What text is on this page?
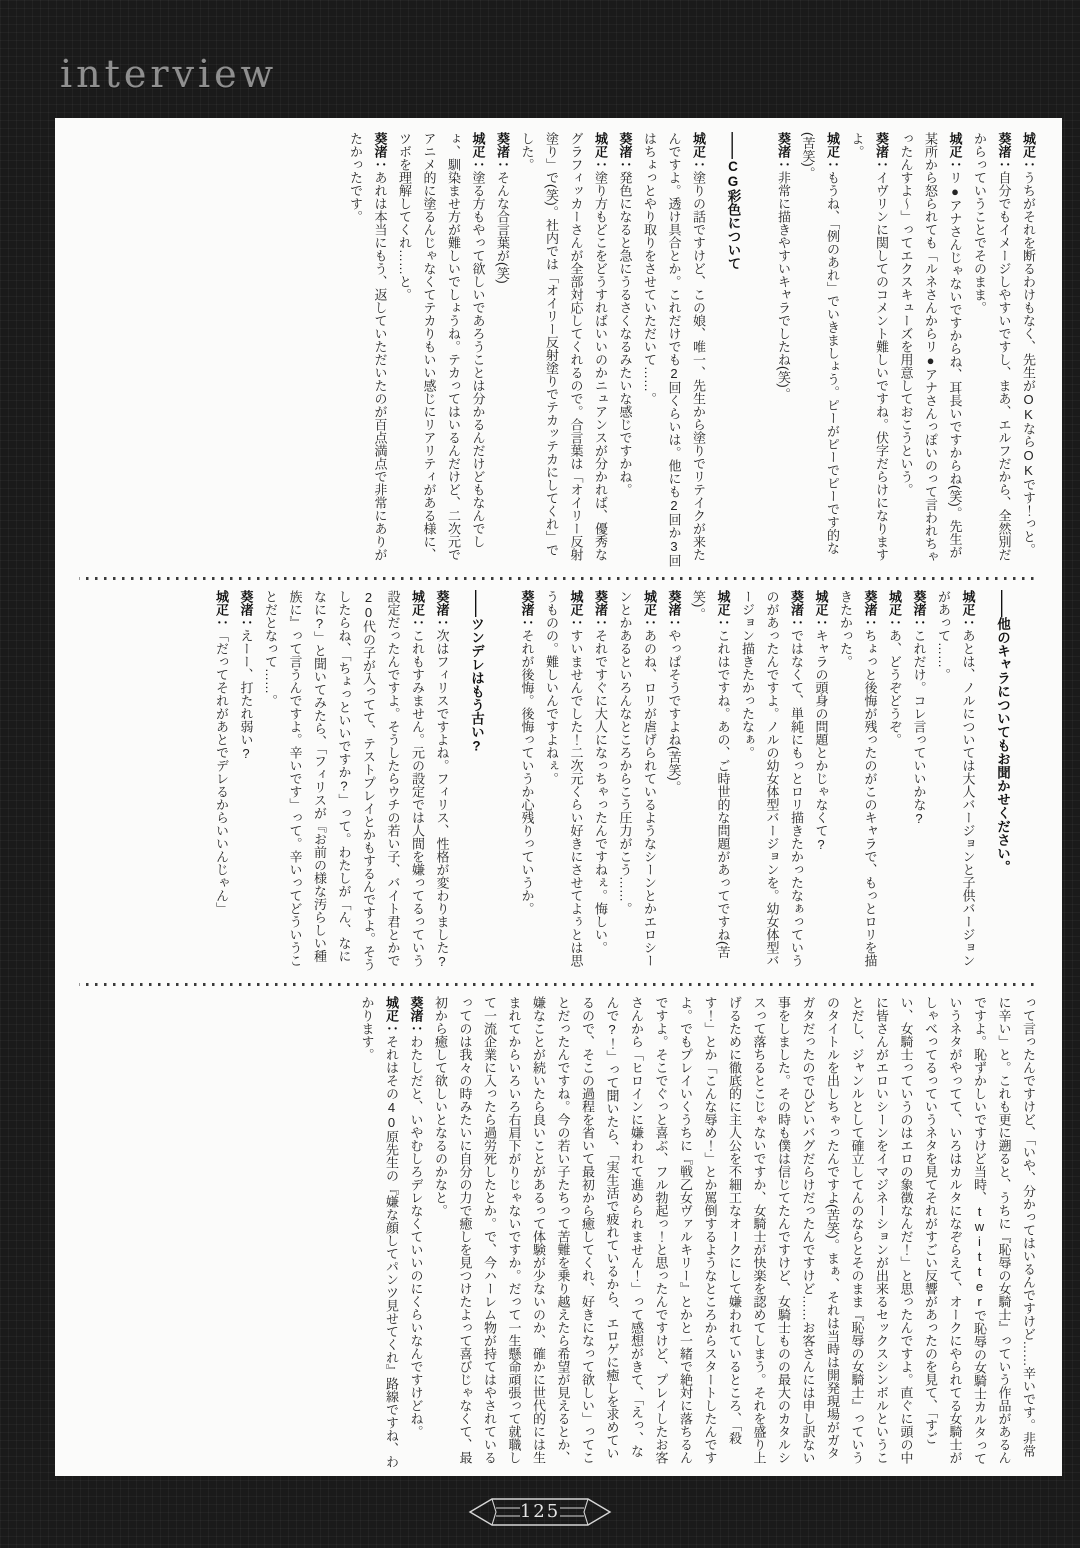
interview

城疋：うちがそれを断るわけもなく、先生がOKならOKです！っと。

葵渚：自分でもイメージしやすいですし、まあ、エルフだから、全然別だからっていうことでそのまま。

城疋：リ●アナさんじゃないですからね、耳長いですからね(笑)。先生が某所から怒られても「ルネさんからリ●アナさんっぽいのって言われちゃったんすよ～」ってエクスキューズを用意しておこうという。

葵渚：イヴリンに関してのコメント難しいですね。伏字だらけになりますよ。

城疋：もうね、「例のあれ」でいきましょう。ピーがピーでピーです的な(苦笑)。

葵渚：非常に描きやすいキャラでしたね(笑)。

——CG彩色について

城疋：塗りの話ですけど、この娘、唯一、先生から塗りでリテイクが来たんですよ。透け具合とか。これだけでも2回くらいは。他にも2回か3回はちょっとやり取りをさせていただいて……。

葵渚：発色になると急にうるさくなるみたいな感じですかね。

城疋：塗り方もどこをどうすればいいのかニュアンスが分かれば、優秀なグラフィッカーさんが全部対応してくれるので。合言葉は「オイリー反射塗り」で(笑)。社内では「オイリー反射塗りでテカッテカにしてくれ」でした。

葵渚：そんな合言葉が(笑)

城疋：塗る方もやって欲しいであろうことは分かるんだけどもなんでしょ、馴染ませ方が難しいでしょうね。テカってはいるんだけど、二次元でアニメ的に塗るんじゃなくてテカりもいい感じにリアリティがある様に、ツボを理解してくれ……と。

葵渚：あれは本当にもう、返していただいたのが百点満点で非常にありがたかったです。

——他のキャラについてもお聞かせください。

城疋：あとは、ノルについては大人バージョンと子供バージョンがあって……。

葵渚：これだけ。コレ言っていいかな?

城疋：あ、どうぞどうぞ。

葵渚：ちょっと後悔が残ったのがこのキャラで、もっとロリを描きたかった。

城疋：キャラの頭身の問題とかじゃなくて?

葵渚：ではなくて、単純にもっとロリ描きたかったなぁっていうのがあったんですよ。ノルの幼女体型バージョンを。幼女体型バージョン描きたかったなぁ。

城疋：これはですね。あの、ご時世的な問題があってですね(苦笑)。

葵渚：やっぱそうですよね(苦笑)。

城疋：あのね、ロリが虐げられているようなシーンとかエロシーンとかあるといろんなところからこう圧力がこう……。

葵渚：それですぐに大人になっちゃったんですねぇ。悔しい。

城疋：すいませんでした！二次元くらい好きにさせてよぅとは思うものの。難しいんですよねぇ。

葵渚：それが後悔。後悔っていうか心残りっていうか。

——ツンデレはもう古い?

葵渚：次はフィリスですよね。フィリス、性格が変わりました?

城疋：これもすみません。元の設定では人間を嫌ってるっていう設定だったんですよ。そうしたらウチの若い子、バイト君とかで20代の子が入ってて、テストプレイとかもするんですよ。そうしたらね、「ちょっといいですか?」って。わたしが「ん、なになに?」と聞いてみたら、「フィリスが『お前の様な汚らしい種族に』って言うんですよ。辛いです」って。辛いってどういうことだとなって……。

葵渚：えーー、打たれ弱い?

城疋：「だってそれがあとでデレるからいいんじゃん」

って言ったんですけど、「いや、分かってはいるんですけど……辛いです。非常に辛い」と。これも更に遡ると、うちに『恥辱の女騎士』っていう作品があるんですよ。恥ずかしいですけど当時、twitterで恥辱の女騎士カルタっていうネタがやってて、いろはカルタになぞらえて、オークにやられてる女騎士がしゃべってるっていうネタを見てそれがすごい反響があったのを見て、「すごい、女騎士っていうのはエロの象徴なんだ！」と思ったんですよ。直ぐに頭の中に皆さんがエロいシーンをイマジネーションが出来るセックスシンボルということだし、ジャンルとして確立してんのならとそのまま『恥辱の女騎士』っていうのタイトルを出しちゃったんですよ(苦笑)。まぁ、それは当時は開発現場がガタガタだったのでひどいバグだらけだったんですけど……お客さんには申し訳ない事をしました。その時も僕は信じてたんですけど、女騎士ものの最大のカタルシスって落ちるとこじゃないですか、女騎士が快楽を認めてしまう。それを盛り上げるために徹底的に主人公を不細工なオークにして嫌われているところ、「殺す！」とか「こんな辱め！」とか罵倒するようなところからスタートしたんですよ。でもプレイいくうちに『戦乙女ヴァルキリー』とかと一緒で絶対に落ちるんですよ。そこでぐっと喜ぶ、フル勃起っ！と思ったんですけど、プレイしたお客さんから「ヒロインに嫌われて進められません！」って感想がきて、「えっ、なんで?！」って聞いたら、「実生活で疲れているから、エロゲに癒しを求めているので、そこの過程を省いて最初から癒してくれ、好きになって欲しい」ってことだったんですね。今の若い子たちって苦難を乗り越えたら希望が見えるとか、嫌なことが続いたら良いことがあるって体験が少ないのか、確かに世代的には生まれてからいろいろ右肩下がりじゃないですか。だって一生懸命頑張って就職して一流企業に入ったら過労死したとか。で、今ハーレム物が持てはやされているってのは我々の時みたいに自分の力で癒しを見つけたよって喜びじゃなくて、最初から癒して欲しいとなるのかなと。

葵渚：わたしだと、いやむしろデレなくていいのにくらいなんですけどね。

城疋：それはその40原先生の『嫌な顔してパンツ見せてくれ』路線ですね、わかります。

125
